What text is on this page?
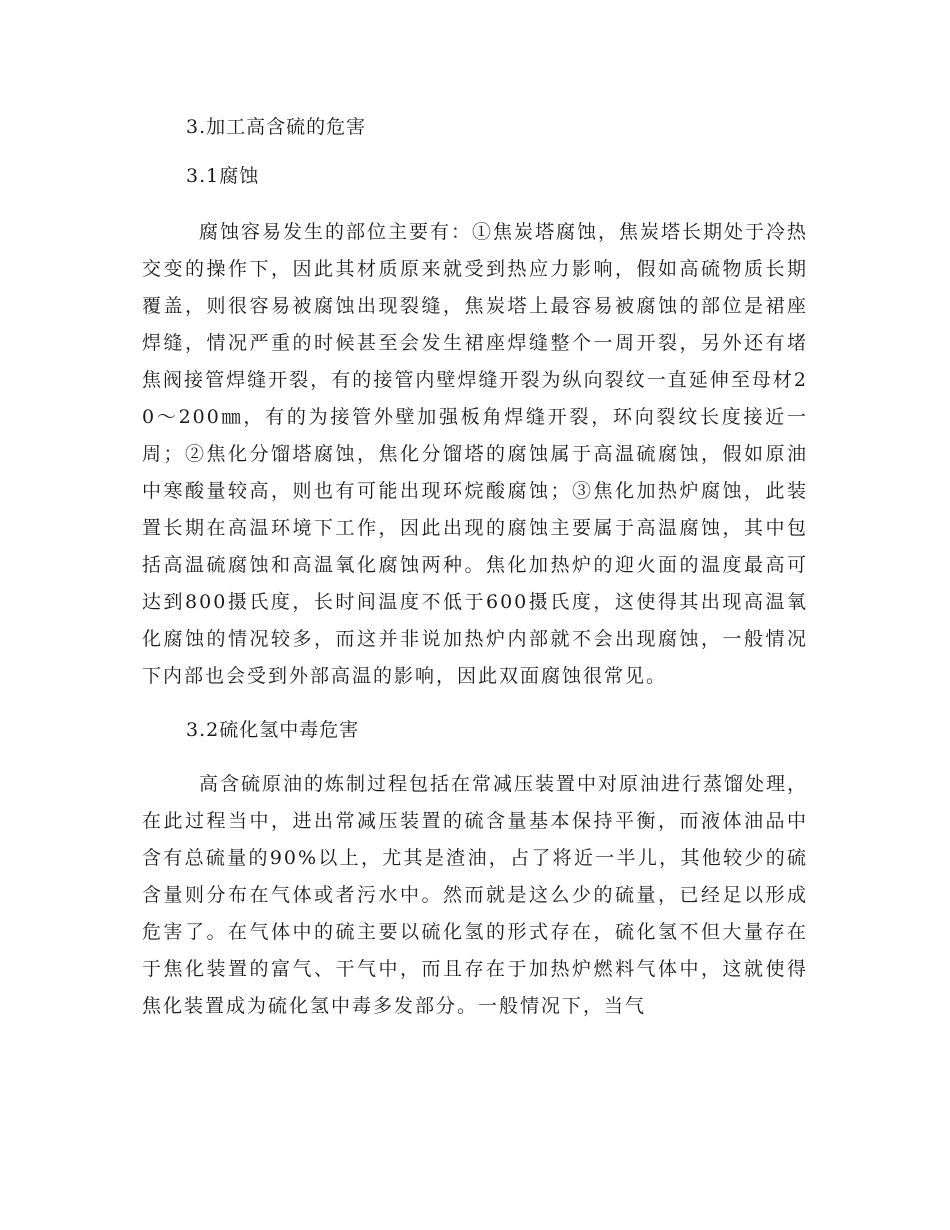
3.加工高含硫的危害
3.1腐蚀

腐蚀容易发生的部位主要有：①焦炭塔腐蚀，焦炭塔长期处于冷热交变的操作下，因此其材质原来就受到热应力影响，假如高硫物质长期覆盖，则很容易被腐蚀出现裂缝，焦炭塔上最容易被腐蚀的部位是裙座焊缝，情况严重的时候甚至会发生裙座焊缝整个一周开裂，另外还有堵焦阀接管焊缝开裂，有的接管内壁焊缝开裂为纵向裂纹一直延伸至母材20～200㎜，有的为接管外壁加强板角焊缝开裂，环向裂纹长度接近一周；②焦化分馏塔腐蚀，焦化分馏塔的腐蚀属于高温硫腐蚀，假如原油中寒酸量较高，则也有可能出现环烷酸腐蚀；③焦化加热炉腐蚀，此装置长期在高温环境下工作，因此出现的腐蚀主要属于高温腐蚀，其中包括高温硫腐蚀和高温氧化腐蚀两种。焦化加热炉的迎火面的温度最高可达到800摄氏度，长时间温度不低于600摄氏度，这使得其出现高温氧化腐蚀的情况较多，而这并非说加热炉内部就不会出现腐蚀，一般情况下内部也会受到外部高温的影响，因此双面腐蚀很常见。

3.2硫化氢中毒危害

高含硫原油的炼制过程包括在常减压装置中对原油进行蒸馏处理，在此过程当中，进出常减压装置的硫含量基本保持平衡，而液体油品中含有总硫量的90%以上，尤其是渣油，占了将近一半儿，其他较少的硫含量则分布在气体或者污水中。然而就是这么少的硫量，已经足以形成危害了。在气体中的硫主要以硫化氢的形式存在，硫化氢不但大量存在于焦化装置的富气、干气中，而且存在于加热炉燃料气体中，这就使得焦化装置成为硫化氢中毒多发部分。一般情况下，当气
